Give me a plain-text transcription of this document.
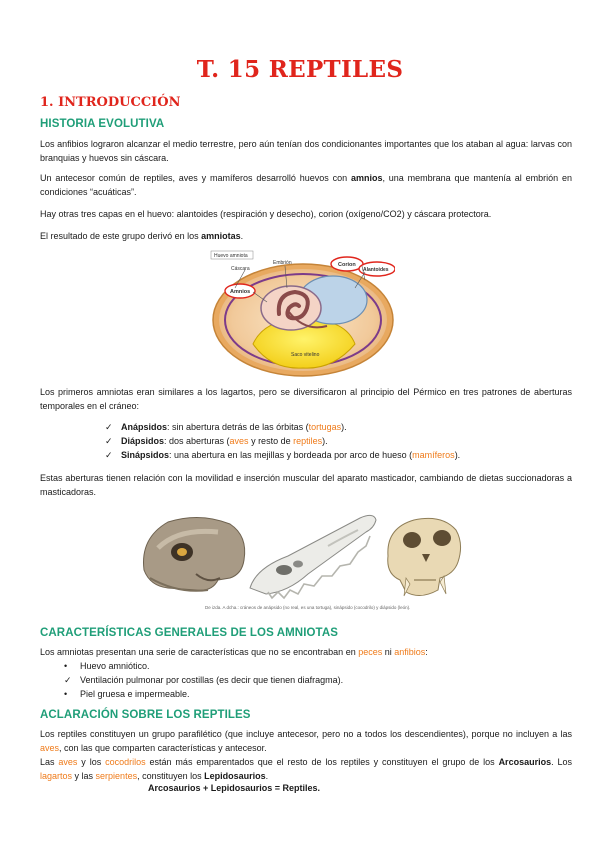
T. 15 REPTILES
1. INTRODUCCIÓN
HISTORIA EVOLUTIVA
Los anfibios lograron alcanzar el medio terrestre, pero aún tenían dos condicionantes importantes que los ataban al agua: larvas con branquias y huevos sin cáscara.
Un antecesor común de reptiles, aves y mamíferos desarrolló huevos con amnios, una membrana que mantenía al embrión en condiciones “acuáticas”.
Hay otras tres capas en el huevo: alantoides (respiración y desecho), corion (oxígeno/CO2) y cáscara protectora.
El resultado de este grupo derivó en los amniotas.
Huevo amniota
Cáscara
Embrión
Amnios
Corion
Alantoides
Saco vitelino
Los primeros amniotas eran similares a los lagartos, pero se diversificaron al principio del Pérmico en tres patrones de aberturas temporales en el cráneo:
✓ Anápsidos: sin abertura detrás de las órbitas (tortugas).
✓ Diápsidos: dos aberturas (aves y resto de reptiles).
✓ Sinápsidos: una abertura en las mejillas y bordeada por arco de hueso (mamíferos).
Estas aberturas tienen relación con la movilidad e inserción muscular del aparato masticador, cambiando de dietas succionadoras a masticadoras.
De izda. A dcha.: cráneos de anápsido (no real, es una tortuga), sinápsido (cocodrilo) y diápsido (león).
CARACTERÍSTICAS GENERALES DE LOS AMNIOTAS
Los amniotas presentan una serie de características que no se encontraban en peces ni anfibios:
• Huevo amniótico.
✓ Ventilación pulmonar por costillas (es decir que tienen diafragma).
• Piel gruesa e impermeable.
ACLARACIÓN SOBRE LOS REPTILES
Los reptiles constituyen un grupo parafilético (que incluye antecesor, pero no a todos los descendientes), porque no incluyen a las aves, con las que comparten características y antecesor.
Las aves y los cocodrilos están más emparentados que el resto de los reptiles y constituyen el grupo de los Arcosaurios. Los lagartos y las serpientes, constituyen los Lepidosaurios.
Arcosaurios + Lepidosaurios = Reptiles.
